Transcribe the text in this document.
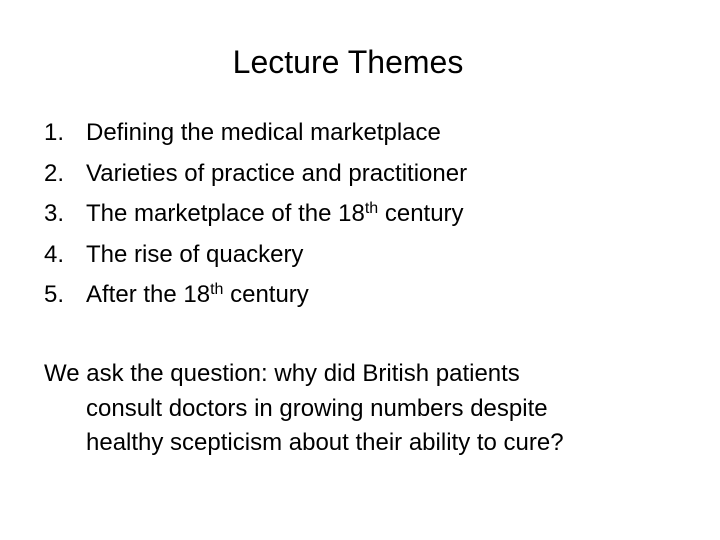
Lecture Themes
1. Defining the medical marketplace
2. Varieties of practice and practitioner
3. The marketplace of the 18th century
4. The rise of quackery
5. After the 18th century
We ask the question: why did British patients
consult doctors in growing numbers despite
healthy scepticism about their ability to cure?
